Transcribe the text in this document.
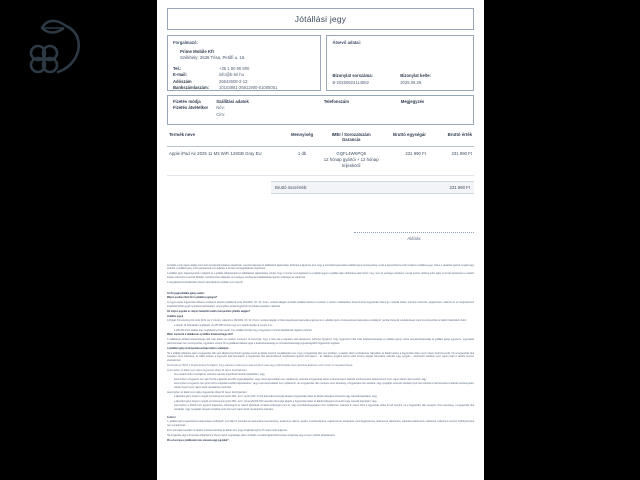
Jótállási jegy
Forgalmazó:
Prime Mobile Kft
Székhely: 2636 Tésa, Petőfi u. 16.
Tel.:	+36 1 80 90 800
E-mail:	info@b-tel.hu
Adószám	26642608-2-13
Bankszámlaszám:	10103881-26811900-01005001
Átvevő adatai:
Bizonylat sorszáma:
B-20250924114582
Bizonylat kelte:
2025.09.29.
Fizetés módja
Fizetés átvételkor
Szállítási adatok
Név:
Cím:
Telefonszám	Megjegyzés
Termék neve	Mennyiség	IMEI / Sorozatszám Garancia	Bruttó egységár	Bruttó érték
Apple iPad Air 2025 11 M3 WiFi 128GB Gray EU	1 db	GQFL4WKPQ6
12 hónap gyártói + 12 hónap teljeskörű	231 990 Ft	231 990 Ft
Bruttó összérték:	231 990 Ft
Aláírás

Az Eladó a mai napon átadja a fent leírt terméket/termékeket vásárlónak, melynek kapcsán az alábbiakról tájékoztatja. Felhívjuk a figyelmet arra, hogy a termékkel kapcsolatos jótállási igény érvényesítése során a jogosultnak be kell mutatnia a jótállási jegyet, illetve a vásárlást igazoló nyugtát vagy számlát. A jótállási igény érvényesítésének nem feltétele a termék csomagolásának megőrzése.

A jótállási igény bejelentésének módjairól és a jótállás időtartamáról az alábbiakban tájékoztatjuk. Kérjük, hogy a termék csomagolását és a jótállási jegyet a jótállás teljes időtartama alatt őrizze meg, mert az esetleges javítások, cserék esetén szükség lehet rájuk. A termék átvételekor a vásárló köteles ellenőrizni a termék hibátlan, sérülésmentes állapotát, az esetleges sérüléseket haladéktalanul jelezni szükséges az eladó felé.

A megvásárolt készülékekhez tartozó tartozékokra a jótállás nem terjed ki.

Az Ön jogai jótállási igény esetén:

Milyen esetben illeti Önt a jótállási jog/jogok?

Az egyes tartós fogyasztási cikkekre vonatkozó kötelező jótállásról szóló 151/2003. (IX. 22.) Korm. rendelet alapján az Eladó jótállásra köteles a rendelet 1. számú mellékletében felsorolt tartós fogyasztási cikkek (pl. műszaki cikkek, prémium eszközök, gépjárművek, valamint az ott meghatározott értékhatár fölötti egyéb termékek) tekintetében, amennyiben azokat fogyasztói szerződés keretében vásárolta.

Ön milyen jogokat és milyen határidőn belül érvényesíthet jótállás alapján?

Jótállási jogok

A Polgári Törvénykönyvről szóló 2013. évi V. törvény, valamint a 151/2003. (IX. 22.) Korm. rendelet alapján a hibás teljesítéssel kapcsolatos igényeit és a „jótállási igény érvényesítéssel kapcsolatos szabályok" pontban felsorolt rendelkezések szerint érvényesítheti az alábbi határidőkön belül:

• a vételár 10 százalékát meghaladó, de 250 000 forintot meg nem haladó eladási ár esetén 2 év;
• a 250 000 forint eladási árat meghaladó termék esetén 3 év jótállási idő illeti meg a fogyasztót a termék átadásának napjától számítva.

Mikor mentesül a vállalkozás a jótállási kötelezettsége alól?

A vállalkozás jótállási kötelezettsége alól csak abban az esetben mentesül, ha bizonyítja, hogy a hiba oka a teljesítés után keletkezett. Felhívjuk figyelmét, hogy ugyanazon hiba miatt kellékszavatossági és jótállási igényt, illetve termékszavatossági és jótállási igényt egyszerre, egymással párhuzamosan nem érvényesíthet, egyébként viszont Önt a jótállásból fakadó jogok a kellékszavatossági és termékszavatossági jogosultságoktól függetlenül megilletik.

A jótállási igény érvényesítéssel kapcsolatos szabályok

Ha a jótállási időtartam alatt a fogyasztási cikk első alkalommal történő javítása során az Eladó részéről megállapítást nyer, hogy a fogyasztási cikk nem javítható, a vásárló eltérő rendelkezése hiányában az Eladó köteles a fogyasztási cikket nyolc napon belül kicserélni. Ha a fogyasztási cikk cseréjére nincs lehetőség, az Eladó köteles a fogyasztó által bemutatott, a fogyasztási cikk ellenértékének megfizetését igazoló bizonylaton – az általános forgalmi adóról szóló törvény alapján kibocsátott számlán vagy nyugtán – feltüntetett vételárat nyolc napon belül a vásárló részére visszatéríteni.

Köszönjük az MGDT-s Rugalmas/deal hozzájárul, hogy számára a cikkcsoport véleményükre olvas vagy a főkörili Eladó lévén igazodnia álkalmas módú módon is megválaszthassa.

Amennyiben az Eladó nem tudja a fogyasztás cikket 30 napon belül kijavítani:

• ha a vásárló ehhez hozzájárult, számára a javítás teljesíthető későbbi határidőben; vagy
• amennyiben a fogyasztó nem járul hozzá a kijavítás későbbi végrehajtásához, vagy ezzel kapcsolatban nem nyilatkozott, számára a fogyasztási cikket a harmincnapos határidő eredménytelen elteltét követő nyolc napon belül ki kell cserélni; vagy
• amennyiben a fogyasztó nem járul hozzá a kijavítás későbbi teljesítéséhez, vagy ezzel kapcsolatban nem nyilatkozott, de a fogyasztási cikk cseréjére sincs lehetőség, a fogyasztási cikk vételárát, vagy nyugtáján szereplő vételárát nyolc kell számára a harmincnapos határidő eredménytelen elteltét követő nyolc napon belül visszatéríteni számára.

Amennyiben az Eladó nem tudja a fogyasztás cikket 30 napon belül kijavítani:

• a kijavítási igény helyett a mögöti termékcsoportot jelző 2011. évi II. törvényi/16. hó b/a bekezdés bizonyítja akaplat a fogyasztási cikket az Eladó költségére kicserélni vagy második kijavíttatni; vagy
• a kijavítási igény helyett a mögöti termékcsoportot jelző 2011. évi II. törvény/6/100-5/2) bekezdés bizonyítja akaplat a fogyasztási cikket az Eladó költségére kicserélni vagy második kijavíttatni; vagy
• amennyiben a főkörili nem jogokról bejelentés, lehetőségről és másod kijavítását az Eladó költségeire nem él, vagy szerződésszegésében nem nyilatkozott, számára 8. napon belül a fogyasztás cikket ki kell cserélni; ha a fogyasztási cikk cseréjére nincs lehetőség, a fogyasztási cikk vételárján, vagy nyugtáján szereplő vételárát nyolc kell nyolc napon belül visszatéríteni számára.

Fontos!

A „jótállási igény bejelentésével kapcsolatos szabályok" pont alatt írt mértékek az elektronikus berendezésre, elektromos rollerre, quadra, motorkerékpárra, segédmotoros kerékpárra, személygépkocsira, lakókocsira, lakóbuszra, utánfutóra lakóbuszra, utánfutóra, valamint a motoros nélkül járművek nem vonatkoznak.

Ezen termékek esetében is köteles részeket azonban az Eladó arra, hogy a kijavítási igényt 15 napon belül teljesítse.

Ha a kijavítás vagy a kicserélés időtartama a tizenöt napot meghaladja, akkor az Eladó a további tájékoztatni köteles a kijavítás vagy a csere várható időtartamáról.

Mi a viszonya a jótállásnak más szavatossági jogokkal?
